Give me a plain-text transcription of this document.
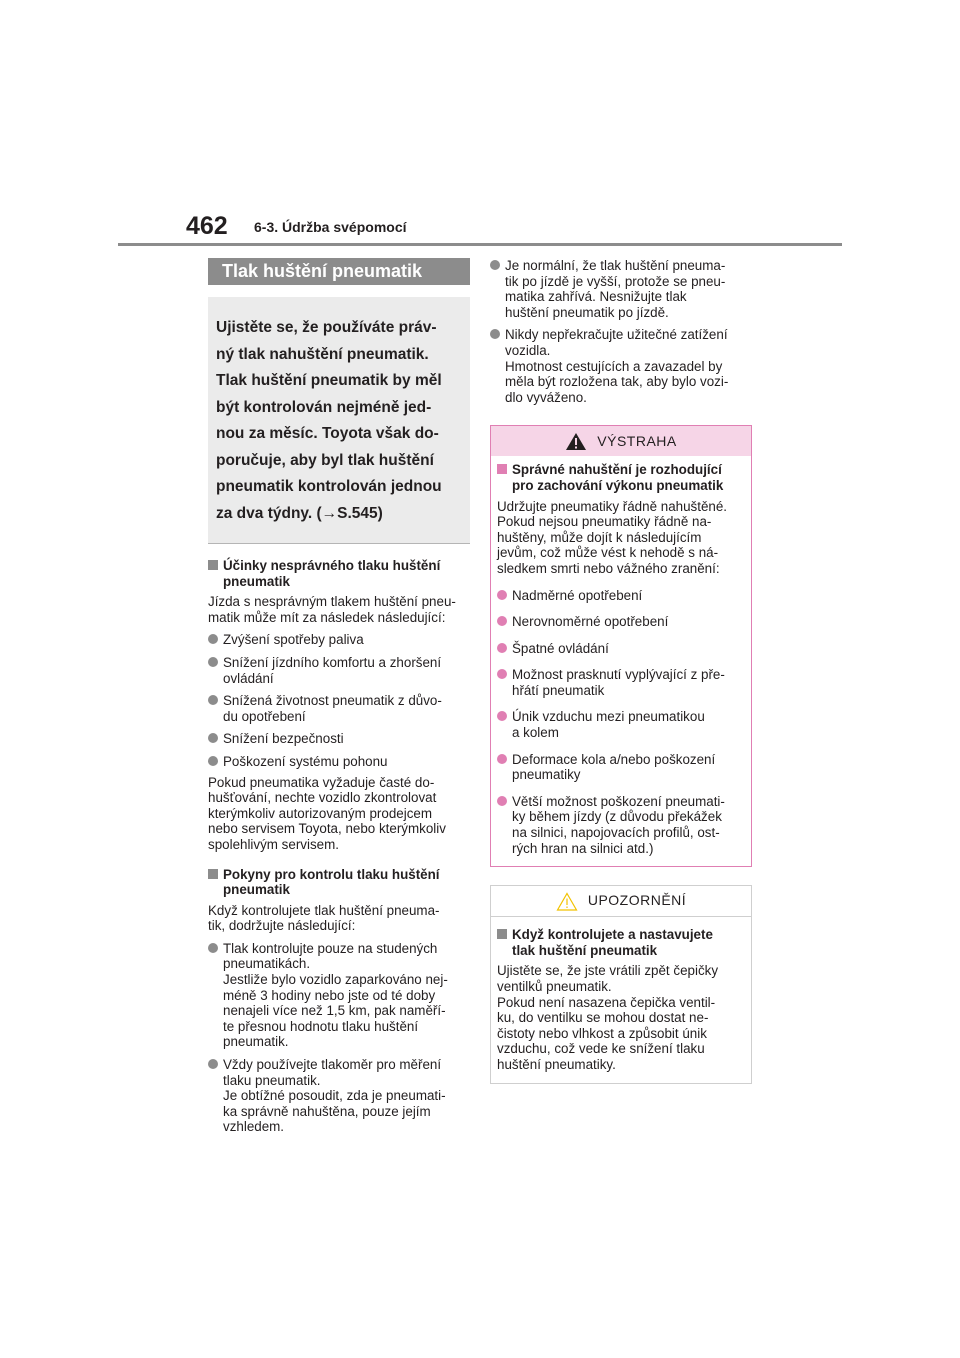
462 6-3. Údržba svépomocí
Tlak huštění pneumatik

Ujistěte se, že používáte práv-

ný tlak nahuštění pneumatik.

Tlak huštění pneumatik by měl

být kontrolován nejméně jed-

nou za měsíc. Toyota však do-

poručuje, aby byl tlak huštění

pneumatik kontrolován jednou

za dva týdny. (→S.545)

Účinky nesprávného tlaku huštění
pneumatik
Jízda s nesprávným tlakem huštění pneu-
matik může mít za následek následující:
Zvýšení spotřeby paliva
Snížení jízdního komfortu a zhoršení
ovládání
Snížená životnost pneumatik z důvo-
du opotřebení
Snížení bezpečnosti
Poškození systému pohonu
Pokud pneumatika vyžaduje časté do-
hušťování, nechte vozidlo zkontrolovat
kterýmkoliv autorizovaným prodejcem
nebo servisem Toyota, nebo kterýmkoliv
spolehlivým servisem.
Pokyny pro kontrolu tlaku huštění
pneumatik
Když kontrolujete tlak huštění pneuma-
tik, dodržujte následující:
Tlak kontrolujte pouze na studených
pneumatikách.
Jestliže bylo vozidlo zaparkováno nej-
méně 3 hodiny nebo jste od té doby
nenajeli více než 1,5 km, pak naměří-
te přesnou hodnotu tlaku huštění
pneumatik.
Vždy používejte tlakoměr pro měření
tlaku pneumatik.
Je obtížné posoudit, zda je pneumati-
ka správně nahuštěna, pouze jejím
vzhledem.
Je normální, že tlak huštění pneuma-
tik po jízdě je vyšší, protože se pneu-
matika zahřívá. Nesnižujte tlak
huštění pneumatik po jízdě.
Nikdy nepřekračujte užitečné zatížení
vozidla.
Hmotnost cestujících a zavazadel by
měla být rozložena tak, aby bylo vozi-
dlo vyváženo.
VÝSTRAHA
Správné nahuštění je rozhodující
pro zachování výkonu pneumatik
Udržujte pneumatiky řádně nahuštěné.
Pokud nejsou pneumatiky řádně na-
huštěny, může dojít k následujícím
jevům, což může vést k nehodě s ná-
sledkem smrti nebo vážného zranění:
Nadměrné opotřebení
Nerovnoměrné opotřebení
Špatné ovládání
Možnost prasknutí vyplývající z pře-
hřátí pneumatik
Únik vzduchu mezi pneumatikou
a kolem
Deformace kola a/nebo poškození
pneumatiky
Větší možnost poškození pneumati-
ky během jízdy (z důvodu překážek
na silnici, napojovacích profilů, ost-
rých hran na silnici atd.)
UPOZORNĚNÍ
Když kontrolujete a nastavujete
tlak huštění pneumatik
Ujistěte se, že jste vrátili zpět čepičky
ventilků pneumatik.
Pokud není nasazena čepička ventil-
ku, do ventilku se mohou dostat ne-
čistoty nebo vlhkost a způsobit únik
vzduchu, což vede ke snížení tlaku
huštění pneumatiky.
